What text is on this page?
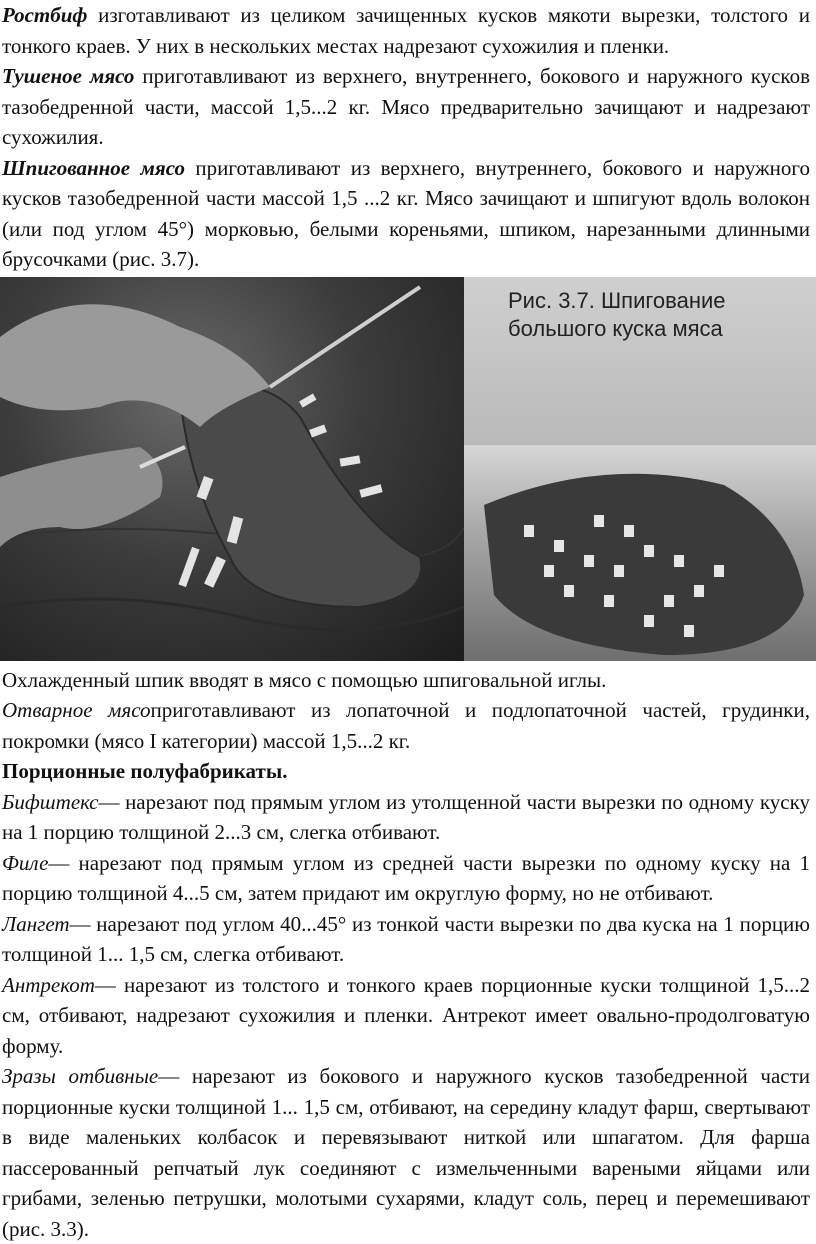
Ростбиф изготавливают из целиком зачищенных кусков мякоти вырезки, толстого и тонкого краев. У них в нескольких местах надрезают сухожилия и пленки.

Тушеное мясо приготавливают из верхнего, внутреннего, бокового и наружного кусков тазобедренной части, массой 1,5...2 кг. Мясо предварительно зачищают и надрезают сухожилия.

Шпигованное мясо приготавливают из верхнего, внутреннего, бокового и наружного кусков тазобедренной части массой 1,5 ...2 кг. Мясо зачищают и шпигуют вдоль волокон (или под углом 45°) морковью, белыми кореньями, шпиком, нарезанными длинными брусочками (рис. 3.7).

Рис. 3.7. Шпигование
большого куска мяса

Охлажденный шпик вводят в мясо с помощью шпиговальной иглы.

Отварное мясоприготавливают из лопаточной и подлопаточной частей, грудинки, покромки (мясо I категории) массой 1,5...2 кг.

Порционные полуфабрикаты.

Бифштекс— нарезают под прямым углом из утолщенной части вырезки по одному куску на 1 порцию толщиной 2...3 см, слегка отбивают.

Филе— нарезают под прямым углом из средней части вырезки по одному куску на 1 порцию толщиной 4...5 см, затем придают им округлую форму, но не отбивают.

Лангет— нарезают под углом 40...45° из тонкой части вырезки по два куска на 1 порцию толщиной 1... 1,5 см, слегка отбивают.

Антрекот— нарезают из толстого и тонкого краев порционные куски толщиной 1,5...2 см, отбивают, надрезают сухожилия и пленки. Антрекот имеет овально-продолговатую форму.

Зразы отбивные— нарезают из бокового и наружного кусков тазобедренной части порционные куски толщиной 1... 1,5 см, отбивают, на середину кладут фарш, свертывают в виде маленьких колбасок и перевязывают ниткой или шпагатом. Для фарша пассерованный репчатый лук соединяют с измельченными вареными яйцами или грибами, зеленью петрушки, молотыми сухарями, кладут соль, перец и перемешивают (рис. 3.3).
